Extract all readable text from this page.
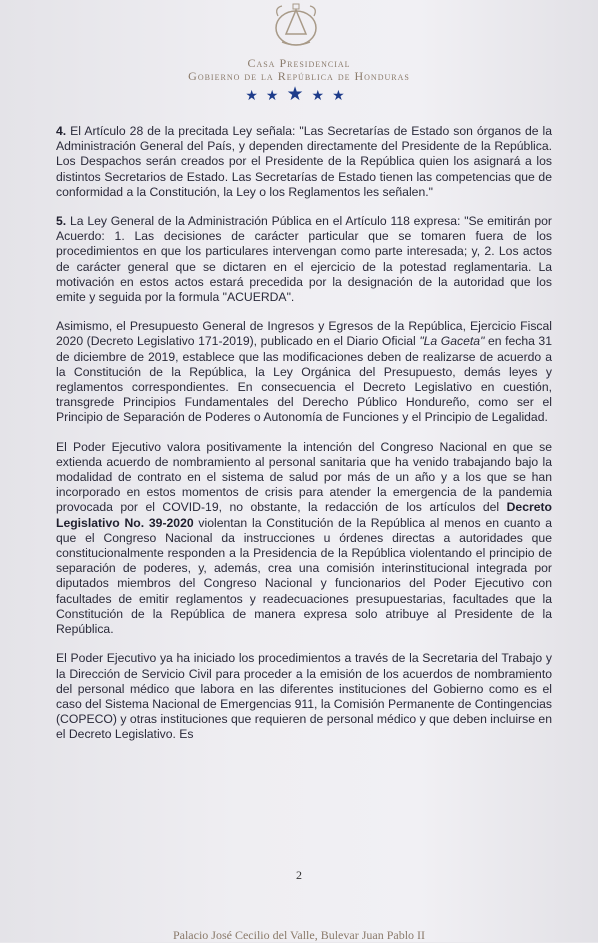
Casa Presidencial
Gobierno de la República de Honduras
★★★★★

4. El Artículo 28 de la precitada Ley señala: "Las Secretarías de Estado son órganos de la Administración General del País, y dependen directamente del Presidente de la República. Los Despachos serán creados por el Presidente de la República quien los asignará a los distintos Secretarios de Estado. Las Secretarías de Estado tienen las competencias que de conformidad a la Constitución, la Ley o los Reglamentos les señalen."

5. La Ley General de la Administración Pública en el Artículo 118 expresa: "Se emitirán por Acuerdo: 1. Las decisiones de carácter particular que se tomaren fuera de los procedimientos en que los particulares intervengan como parte interesada; y, 2. Los actos de carácter general que se dictaren en el ejercicio de la potestad reglamentaria. La motivación en estos actos estará precedida por la designación de la autoridad que los emite y seguida por la formula "ACUERDA".

Asimismo, el Presupuesto General de Ingresos y Egresos de la República, Ejercicio Fiscal 2020 (Decreto Legislativo 171-2019), publicado en el Diario Oficial "La Gaceta" en fecha 31 de diciembre de 2019, establece que las modificaciones deben de realizarse de acuerdo a la Constitución de la República, la Ley Orgánica del Presupuesto, demás leyes y reglamentos correspondientes. En consecuencia el Decreto Legislativo en cuestión, transgrede Principios Fundamentales del Derecho Público Hondureño, como ser el Principio de Separación de Poderes o Autonomía de Funciones y el Principio de Legalidad.

El Poder Ejecutivo valora positivamente la intención del Congreso Nacional en que se extienda acuerdo de nombramiento al personal sanitaria que ha venido trabajando bajo la modalidad de contrato en el sistema de salud por más de un año y a los que se han incorporado en estos momentos de crisis para atender la emergencia de la pandemia provocada por el COVID-19, no obstante, la redacción de los artículos del Decreto Legislativo No. 39-2020 violentan la Constitución de la República al menos en cuanto a que el Congreso Nacional da instrucciones u órdenes directas a autoridades que constitucionalmente responden a la Presidencia de la República violentando el principio de separación de poderes, y, además, crea una comisión interinstitucional integrada por diputados miembros del Congreso Nacional y funcionarios del Poder Ejecutivo con facultades de emitir reglamentos y readecuaciones presupuestarias, facultades que la Constitución de la República de manera expresa solo atribuye al Presidente de la República.

El Poder Ejecutivo ya ha iniciado los procedimientos a través de la Secretaria del Trabajo y la Dirección de Servicio Civil para proceder a la emisión de los acuerdos de nombramiento del personal médico que labora en las diferentes instituciones del Gobierno como es el caso del Sistema Nacional de Emergencias 911, la Comisión Permanente de Contingencias (COPECO) y otras instituciones que requieren de personal médico y que deben incluirse en el Decreto Legislativo. Es

2
Palacio José Cecilio del Valle, Bulevar Juan Pablo II
